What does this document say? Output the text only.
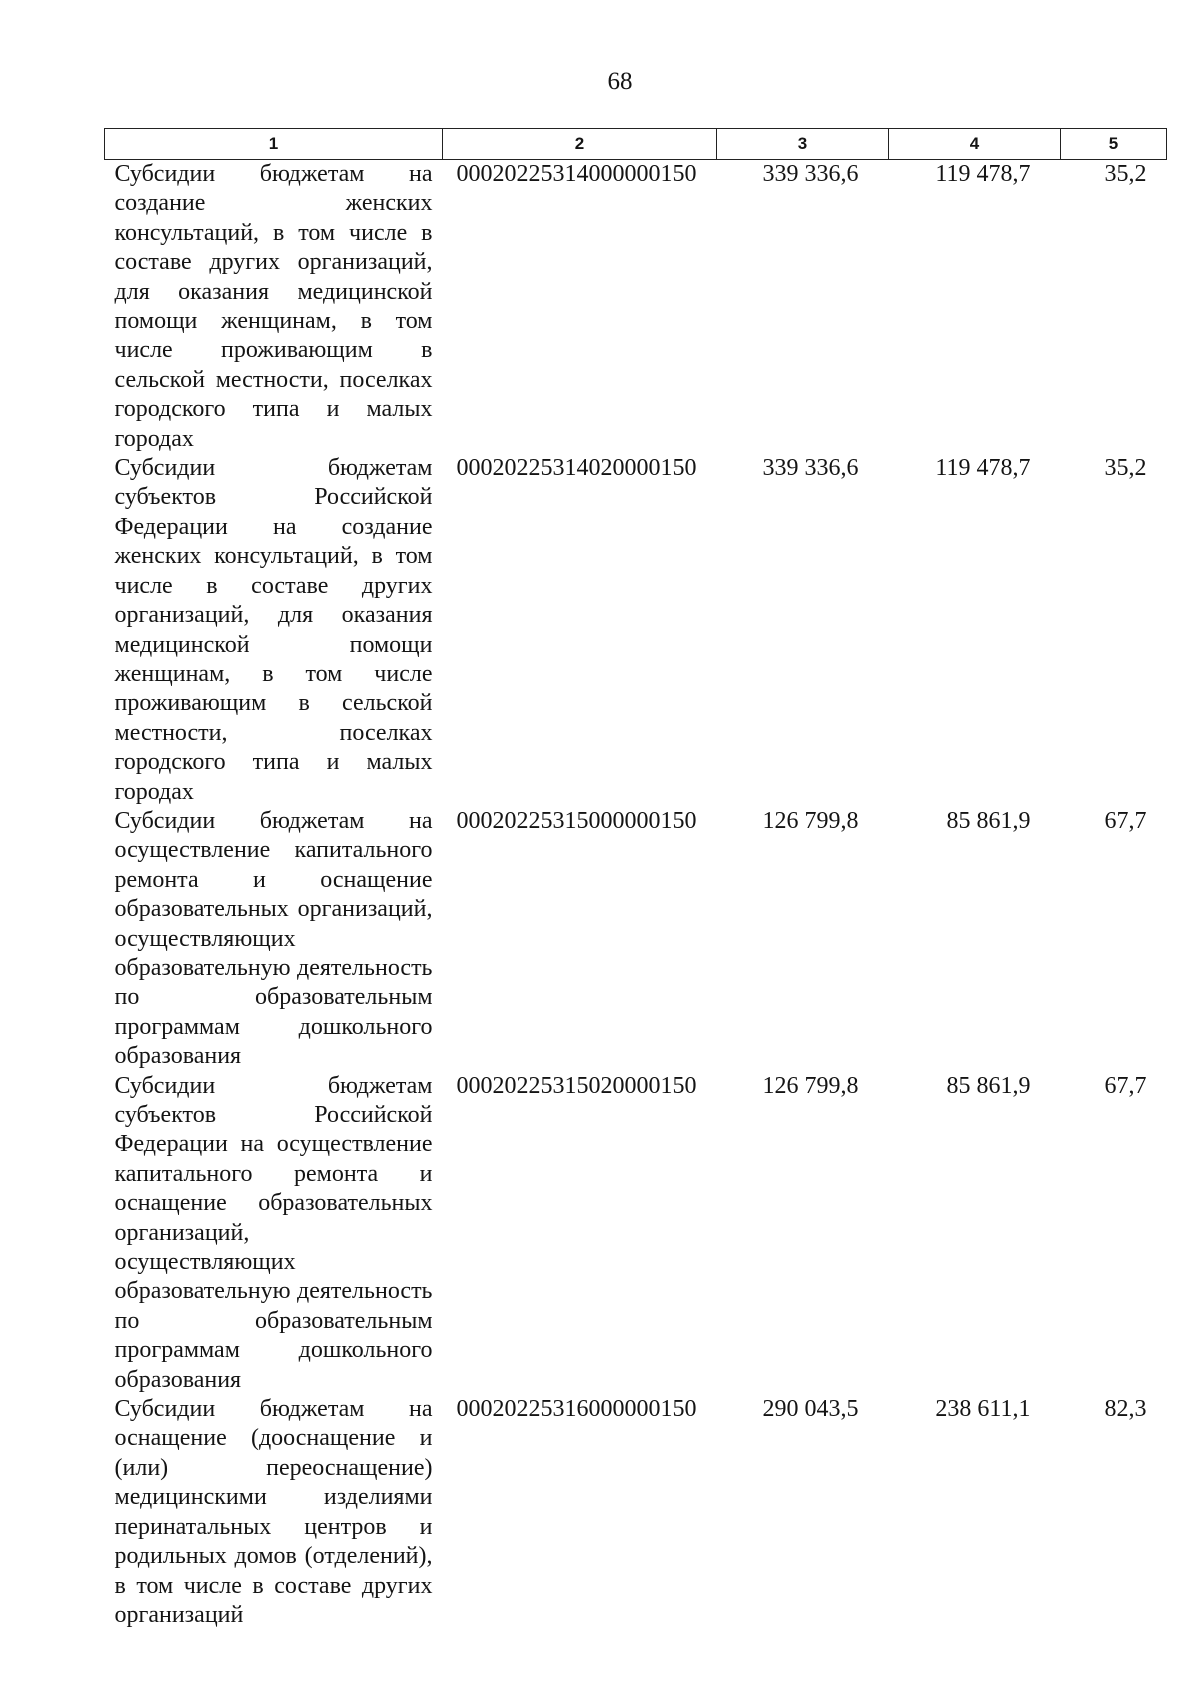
68
1	2	3	4	5
Субсидии бюджетам на создание женских консультаций, в том числе в составе других организаций, для оказания медицинской помощи женщинам, в том числе проживающим в сельской местности, поселках городского типа и малых городах	00020225314000000150	339 336,6	119 478,7	35,2
Субсидии бюджетам субъектов Российской Федерации на создание женских консультаций, в том числе в составе других организаций, для оказания медицинской помощи женщинам, в том числе проживающим в сельской местности, поселках городского типа и малых городах	00020225314020000150	339 336,6	119 478,7	35,2
Субсидии бюджетам на осуществление капитального ремонта и оснащение образовательных организаций, осуществляющих образовательную деятельность по образовательным программам дошкольного образования	00020225315000000150	126 799,8	85 861,9	67,7
Субсидии бюджетам субъектов Российской Федерации на осуществление капитального ремонта и оснащение образовательных организаций, осуществляющих образовательную деятельность по образовательным программам дошкольного образования	00020225315020000150	126 799,8	85 861,9	67,7
Субсидии бюджетам на оснащение (дооснащение и (или) переоснащение) медицинскими изделиями перинатальных центров и родильных домов (отделений), в том числе в составе других организаций	00020225316000000150	290 043,5	238 611,1	82,3
